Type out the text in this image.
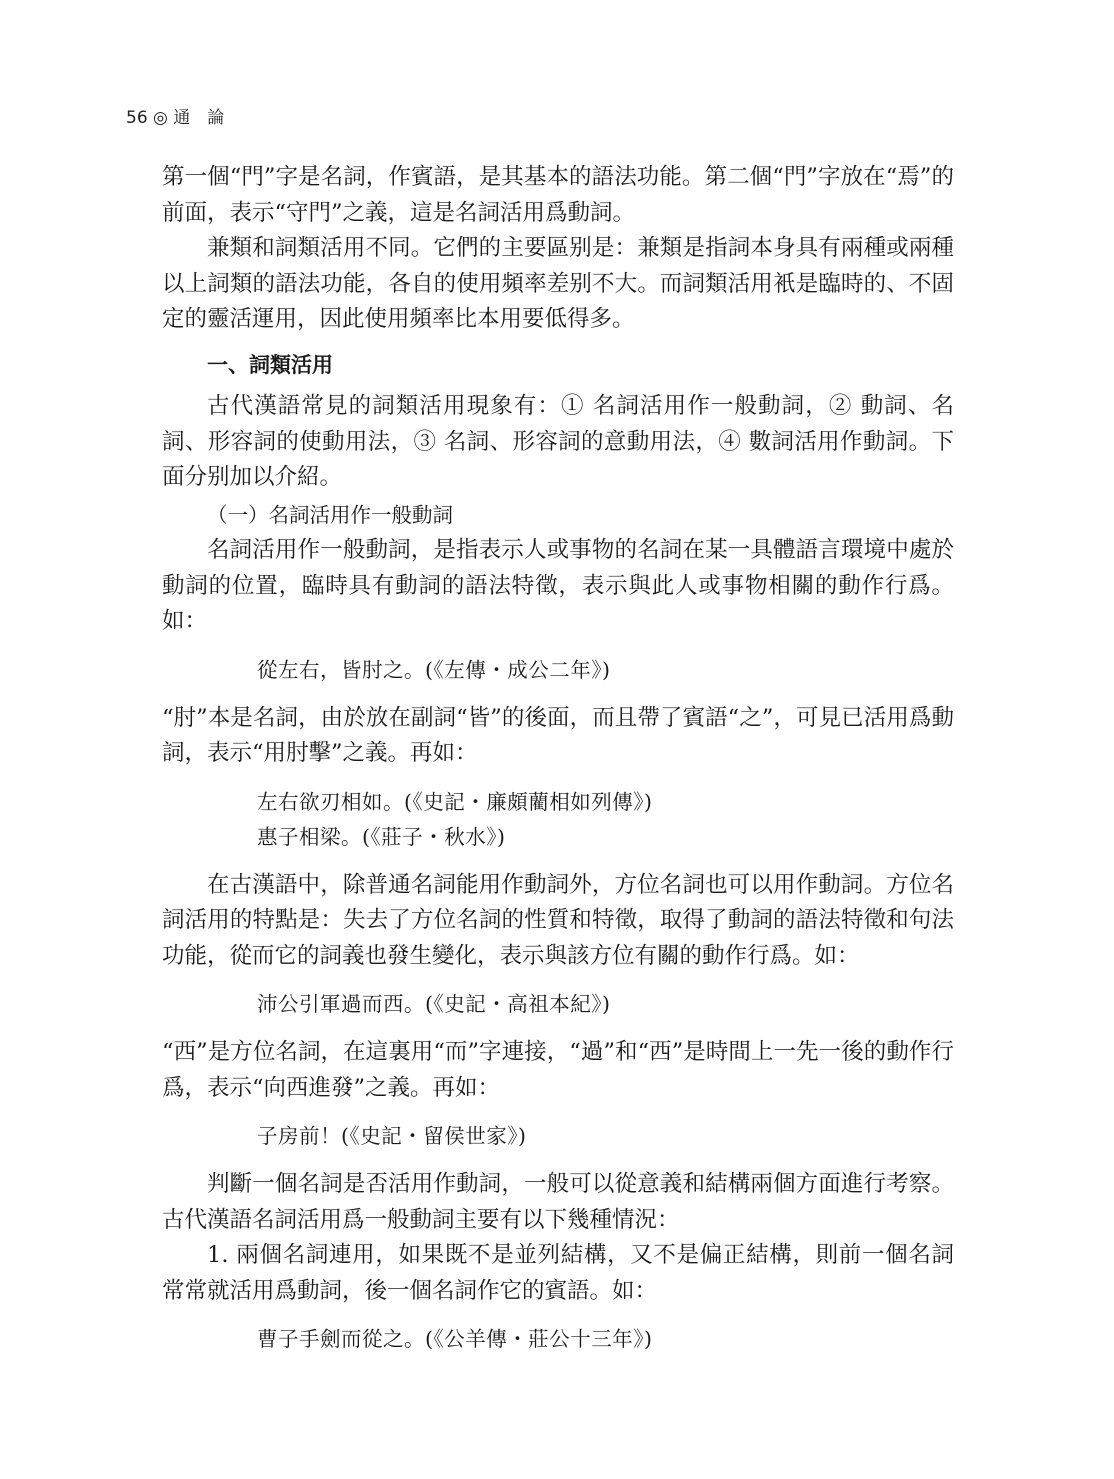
56 ◎ 通　論

第一個“門”字是名詞，作賓語，是其基本的語法功能。第二個“門”字放在“焉”的前面，表示“守門”之義，這是名詞活用爲動詞。

兼類和詞類活用不同。它們的主要區别是：兼類是指詞本身具有兩種或兩種以上詞類的語法功能，各自的使用頻率差别不大。而詞類活用衹是臨時的、不固定的靈活運用，因此使用頻率比本用要低得多。

一、詞類活用

古代漢語常見的詞類活用現象有：① 名詞活用作一般動詞，② 動詞、名詞、形容詞的使動用法，③ 名詞、形容詞的意動用法，④ 數詞活用作動詞。下面分别加以介紹。

（一）名詞活用作一般動詞

名詞活用作一般動詞，是指表示人或事物的名詞在某一具體語言環境中處於動詞的位置，臨時具有動詞的語法特徵，表示與此人或事物相關的動作行爲。如：

從左右，皆肘之。(《左傳・成公二年》)

“肘”本是名詞，由於放在副詞“皆”的後面，而且帶了賓語“之”，可見已活用爲動詞，表示“用肘擊”之義。再如：

左右欲刃相如。(《史記・廉頗藺相如列傳》)

惠子相梁。(《莊子・秋水》)

在古漢語中，除普通名詞能用作動詞外，方位名詞也可以用作動詞。方位名詞活用的特點是：失去了方位名詞的性質和特徵，取得了動詞的語法特徵和句法功能，從而它的詞義也發生變化，表示與該方位有關的動作行爲。如：

沛公引軍過而西。(《史記・高祖本紀》)

“西”是方位名詞，在這裏用“而”字連接，“過”和“西”是時間上一先一後的動作行爲，表示“向西進發”之義。再如：

子房前！(《史記・留侯世家》)

判斷一個名詞是否活用作動詞，一般可以從意義和結構兩個方面進行考察。古代漢語名詞活用爲一般動詞主要有以下幾種情況：

1. 兩個名詞連用，如果既不是並列結構，又不是偏正結構，則前一個名詞常常就活用爲動詞，後一個名詞作它的賓語。如：

曹子手劍而從之。(《公羊傳・莊公十三年》)
